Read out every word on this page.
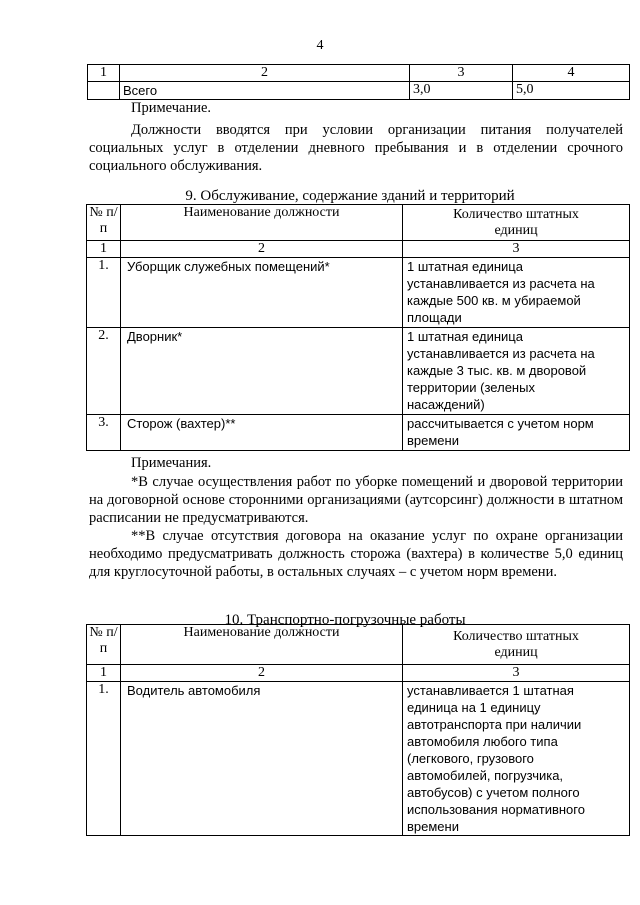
4
1	2	3	4
	Всего	3,0	5,0
Примечание.

Должности вводятся при условии организации питания получателей социальных услуг в отделении дневного пребывания и в отделении срочного социального обслуживания.

9. Обслуживание, содержание зданий и территорий
№ п/п	Наименование должности	Количество штатных единиц
1	2	3
1.	Уборщик служебных помещений*	1 штатная единица устанавливается из расчета на каждые 500 кв. м убираемой площади
2.	Дворник*	1 штатная единица устанавливается из расчета на каждые 3 тыс. кв. м дворовой территории (зеленых насаждений)
3.	Сторож (вахтер)**	рассчитывается с учетом норм времени
Примечания.

*В случае осуществления работ по уборке помещений и дворовой территории на договорной основе сторонними организациями (аутсорсинг) должности в штатном расписании не предусматриваются.

**В случае отсутствия договора на оказание услуг по охране организации необходимо предусматривать должность сторожа (вахтера) в количестве 5,0 единиц для круглосуточной работы, в остальных случаях – с учетом норм времени.

10. Транспортно-погрузочные работы
№ п/п	Наименование должности	Количество штатных единиц
1	2	3
1.	Водитель автомобиля	устанавливается 1 штатная единица на 1 единицу автотранспорта при наличии автомобиля любого типа (легкового, грузового автомобилей, погрузчика, автобусов) с учетом полного использования нормативного времени
